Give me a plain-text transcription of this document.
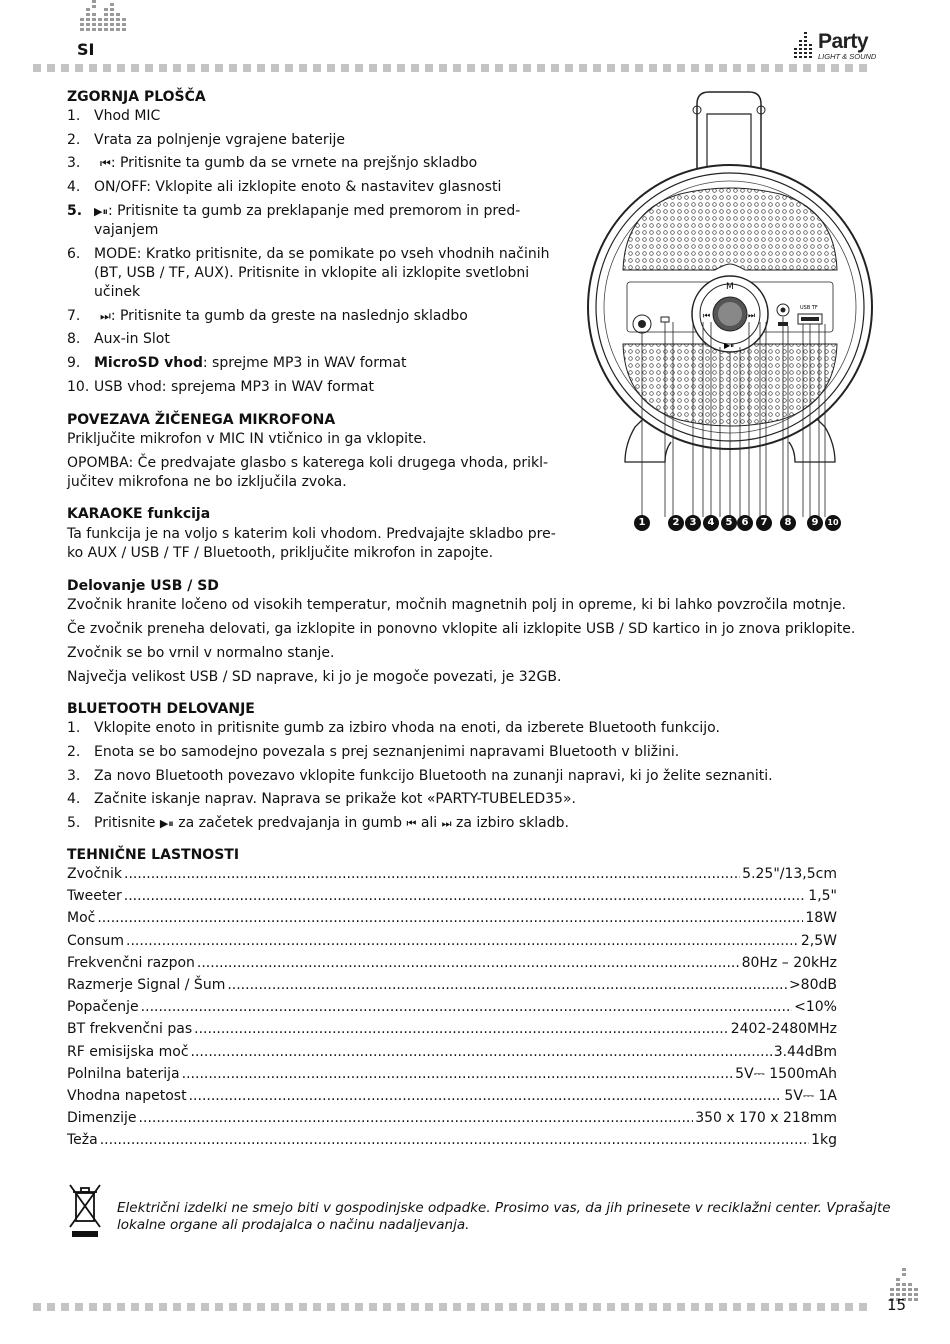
SI	Party
LIGHT & SOUND
ZGORNJA PLOŠČA
1. Vhod MIC
2. Vrata za polnjenje vgrajene baterije
3. ⏮: Pritisnite ta gumb da se vrnete na prejšnjo skladbo
4. ON/OFF: Vklopite ali izklopite enoto & nastavitev glasnosti
5. ▶⏸: Pritisnite ta gumb za preklapanje med premorom in pred-
vajanjem
6. MODE: Kratko pritisnite, da se pomikate po vseh vhodnih načinih
(BT, USB / TF, AUX). Pritisnite in vklopite ali izklopite svetlobni
učinek
7. ⏭: Pritisnite ta gumb da greste na naslednjo skladbo
8. Aux-in Slot
9. MicroSD vhod: sprejme MP3 in WAV format
10. USB vhod: sprejema MP3 in WAV format
POVEZAVA ŽIČENEGA MIKROFONA
Priključite mikrofon v MIC IN vtičnico in ga vklopite.
OPOMBA: Če predvajate glasbo s katerega koli drugega vhoda, prikl-
jučitev mikrofona ne bo izključila zvoka.
KARAOKE funkcija
Ta funkcija je na voljo s katerim koli vhodom. Predvajajte skladbo pre-
ko AUX / USB / TF / Bluetooth, priključite mikrofon in zapojte.
M
⏮	⏭
▶⏸
USB TF
1	2	3	4	5 6	7	8	9	10
Delovanje USB / SD
Zvočnik hranite ločeno od visokih temperatur, močnih magnetnih polj in opreme, ki bi lahko povzročila motnje.
Če zvočnik preneha delovati, ga izklopite in ponovno vklopite ali izklopite USB / SD kartico in jo znova priklopite.
Zvočnik se bo vrnil v normalno stanje.
Največja velikost USB / SD naprave, ki jo je mogoče povezati, je 32GB.
BLUETOOTH DELOVANJE
1. Vklopite enoto in pritisnite gumb za izbiro vhoda na enoti, da izberete Bluetooth funkcijo.
2. Enota se bo samodejno povezala s prej seznanjenimi napravami Bluetooth v bližini.
3. Za novo Bluetooth povezavo vklopite funkcijo Bluetooth na zunanji napravi, ki jo želite seznaniti.
4. Začnite iskanje naprav. Naprava se prikaže kot «PARTY-TUBELED35».
5. Pritisnite ▶⏸ za začetek predvajanja in gumb ⏮ ali ⏭ za izbiro skladb.
TEHNIČNE LASTNOSTI
Zvočnik .....	5.25"/13,5cm
Tweeter .....	1,5"
Moč .....	18W
Consum .....	2,5W
Frekvenčni razpon .....	80Hz – 20kHz
Razmerje Signal / Šum .....	>80dB
Popačenje .....	<10%
BT frekvenčni pas .....	2402-2480MHz
RF emisijska moč .....	3.44dBm
Polnilna baterija .....	5V⎓ 1500mAh
Vhodna napetost .....	5V⎓ 1A
Dimenzije .....	350 x 170 x 218mm
Teža .....	1kg
Električni izdelki ne smejo biti v gospodinjske odpadke. Prosimo vas, da jih prinesete v reciklažni center. Vprašajte
lokalne organe ali prodajalca o načinu nadaljevanja.
15
